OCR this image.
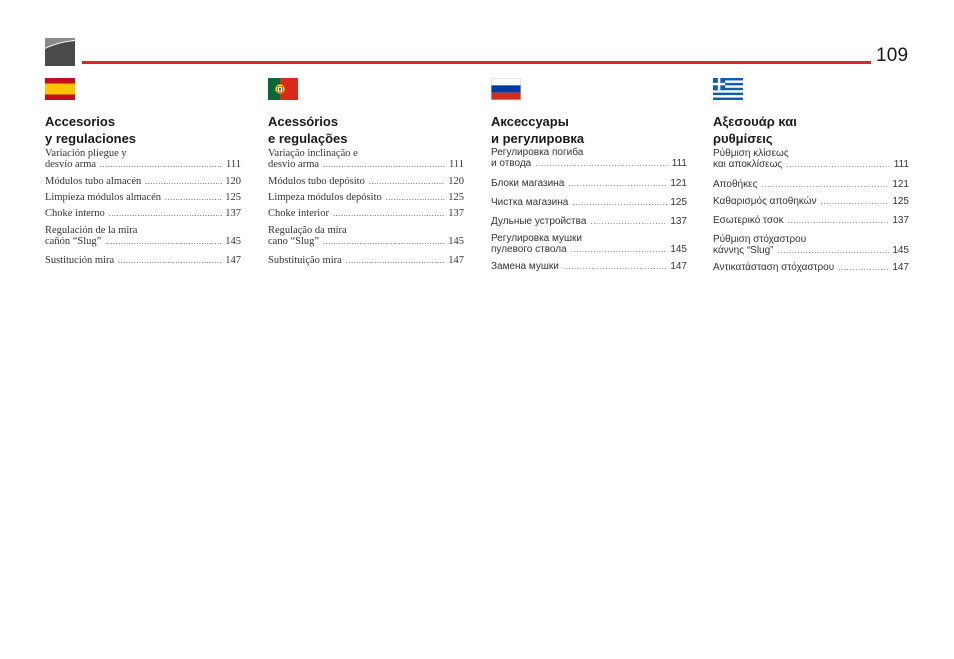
109
Accesorios
y regulaciones
Variación pliegue y
desvío arma .....	111
Módulos tubo almacén .....	120
Limpieza módulos almacén .....	125
Choke interno .....	137
Regulación de la mira
cañón “Slug” .....	145
Sustitución mira .....	147
Acessórios
e regulações
Variação inclinação e
desvio arma .....	111
Módulos tubo depósito .....	120
Limpeza módulos depósito .....	125
Choke interior .....	137
Regulação da mira
cano “Slug” .....	145
Substituição mira .....	147
Аксессуары
и регулировка
Регулировка погиба
и отвода .....	111
Блоки магазина .....	121
Чистка магазина .....	125
Дульные устройства .....	137
Регулировка мушки
пулевого ствола .....	145
Замена мушки .....	147
Αξεσουάρ και
ρυθμίσεις
Ρύθμιση κλίσεως
και αποκλίσεως .....	111
Αποθήκες .....	121
Καθαρισμός αποθηκών .....	125
Εσωτερικό τσοκ .....	137
Ρύθμιση στόχαστρου
κάννης “Slug” .....	145
Αντικατάσταση στόχαστρου .....	147
